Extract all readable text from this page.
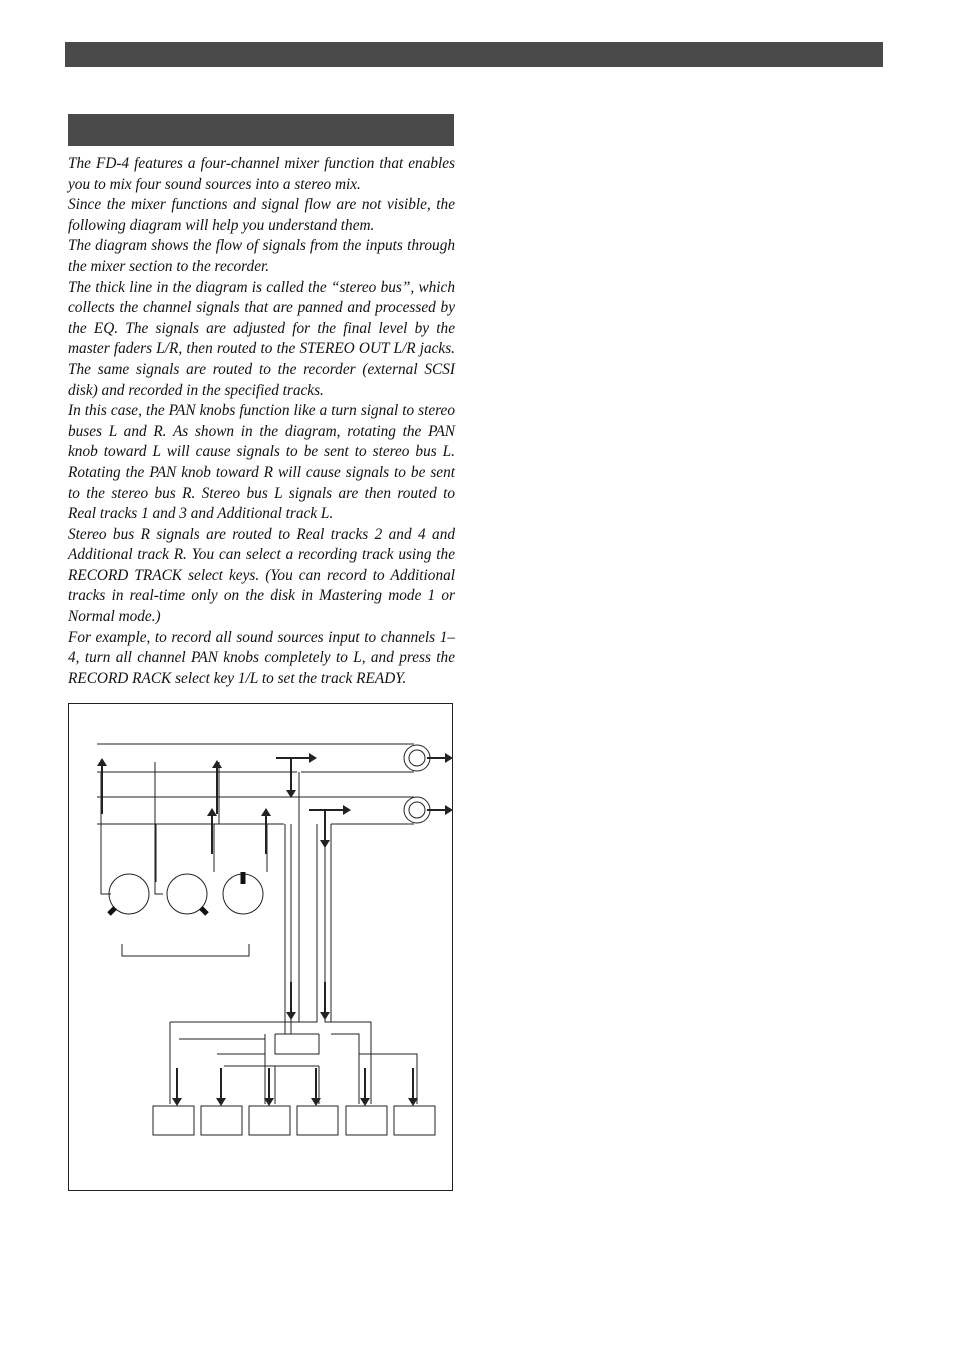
The FD-4 features a four-channel mixer function that enables you to mix four sound sources into a stereo mix.

Since the mixer functions and signal flow are not visible, the following diagram will help you understand them.

The diagram shows the flow of signals from the inputs through the mixer section to the recorder.

The thick line in the diagram is called the “stereo bus”, which collects the channel signals that are panned and processed by the EQ. The signals are adjusted for the final level by the master faders L/R, then routed to the STEREO OUT L/R jacks. The same signals are routed to the recorder (external SCSI disk) and recorded in the specified tracks.

In this case, the PAN knobs function like a turn signal to stereo buses L and R. As shown in the diagram, rotating the PAN knob toward L will cause signals to be sent to stereo bus L. Rotating the PAN knob toward R will cause signals to be sent to the stereo bus R. Stereo bus L signals are then routed to Real tracks 1 and 3 and Additional track L.

Stereo bus R signals are routed to Real tracks 2 and 4 and Additional track R. You can select a recording track using the RECORD TRACK select keys. (You can record to Additional tracks in real-time only on the disk in Mastering mode 1 or Normal mode.)

For example, to record all sound sources input to channels 1–4, turn all channel PAN knobs completely to L, and press the RECORD RACK select key 1/L to set the track READY.
